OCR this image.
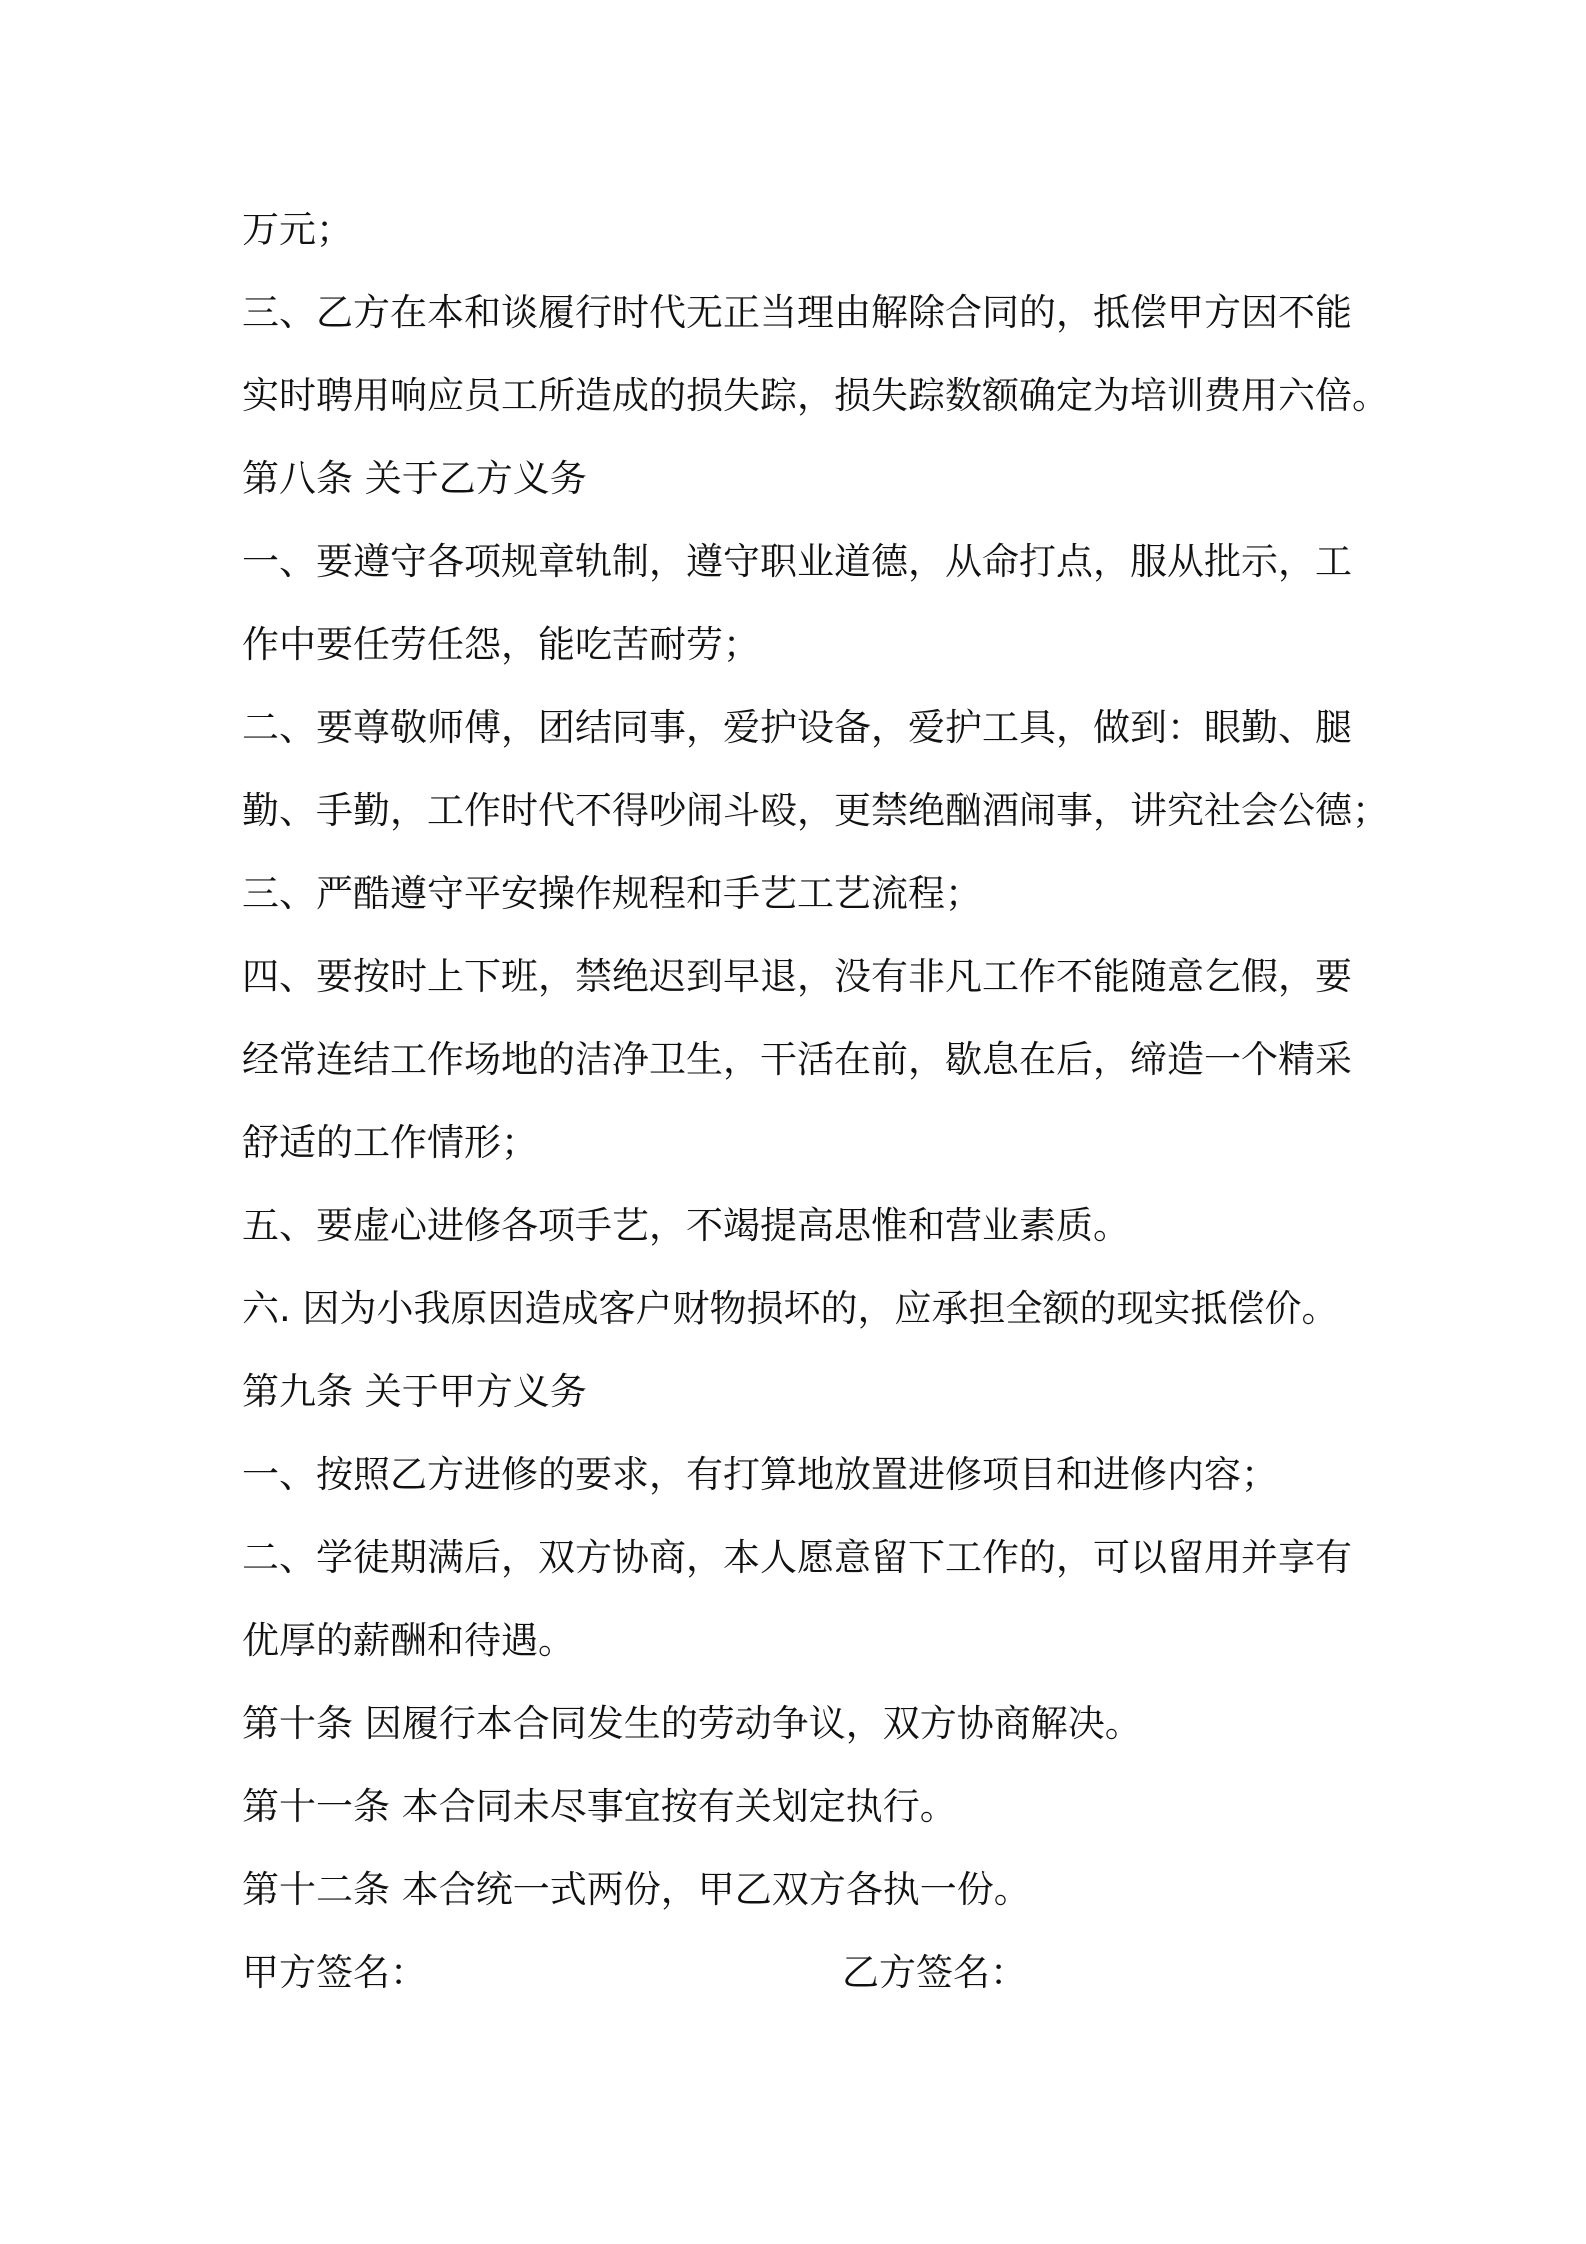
万元；
三、乙方在本和谈履行时代无正当理由解除合同的，抵偿甲方因不能
实时聘用响应员工所造成的损失踪，损失踪数额确定为培训费用六倍。
第八条 关于乙方义务
一、要遵守各项规章轨制，遵守职业道德，从命打点，服从批示，工
作中要任劳任怨，能吃苦耐劳；
二、要尊敬师傅，团结同事，爱护设备，爱护工具，做到：眼勤、腿
勤、手勤，工作时代不得吵闹斗殴，更禁绝酗酒闹事，讲究社会公德；
三、严酷遵守平安操作规程和手艺工艺流程；
四、要按时上下班，禁绝迟到早退，没有非凡工作不能随意乞假，要
经常连结工作场地的洁净卫生，干活在前，歇息在后，缔造一个精采
舒适的工作情形；
五、要虚心进修各项手艺，不竭提高思惟和营业素质。
六. 因为小我原因造成客户财物损坏的，应承担全额的现实抵偿价。
第九条 关于甲方义务
一、按照乙方进修的要求，有打算地放置进修项目和进修内容；
二、学徒期满后，双方协商，本人愿意留下工作的，可以留用并享有
优厚的薪酬和待遇。
第十条 因履行本合同发生的劳动争议，双方协商解决。
第十一条 本合同未尽事宜按有关划定执行。
第十二条 本合统一式两份，甲乙双方各执一份。
甲方签名：	乙方签名：
